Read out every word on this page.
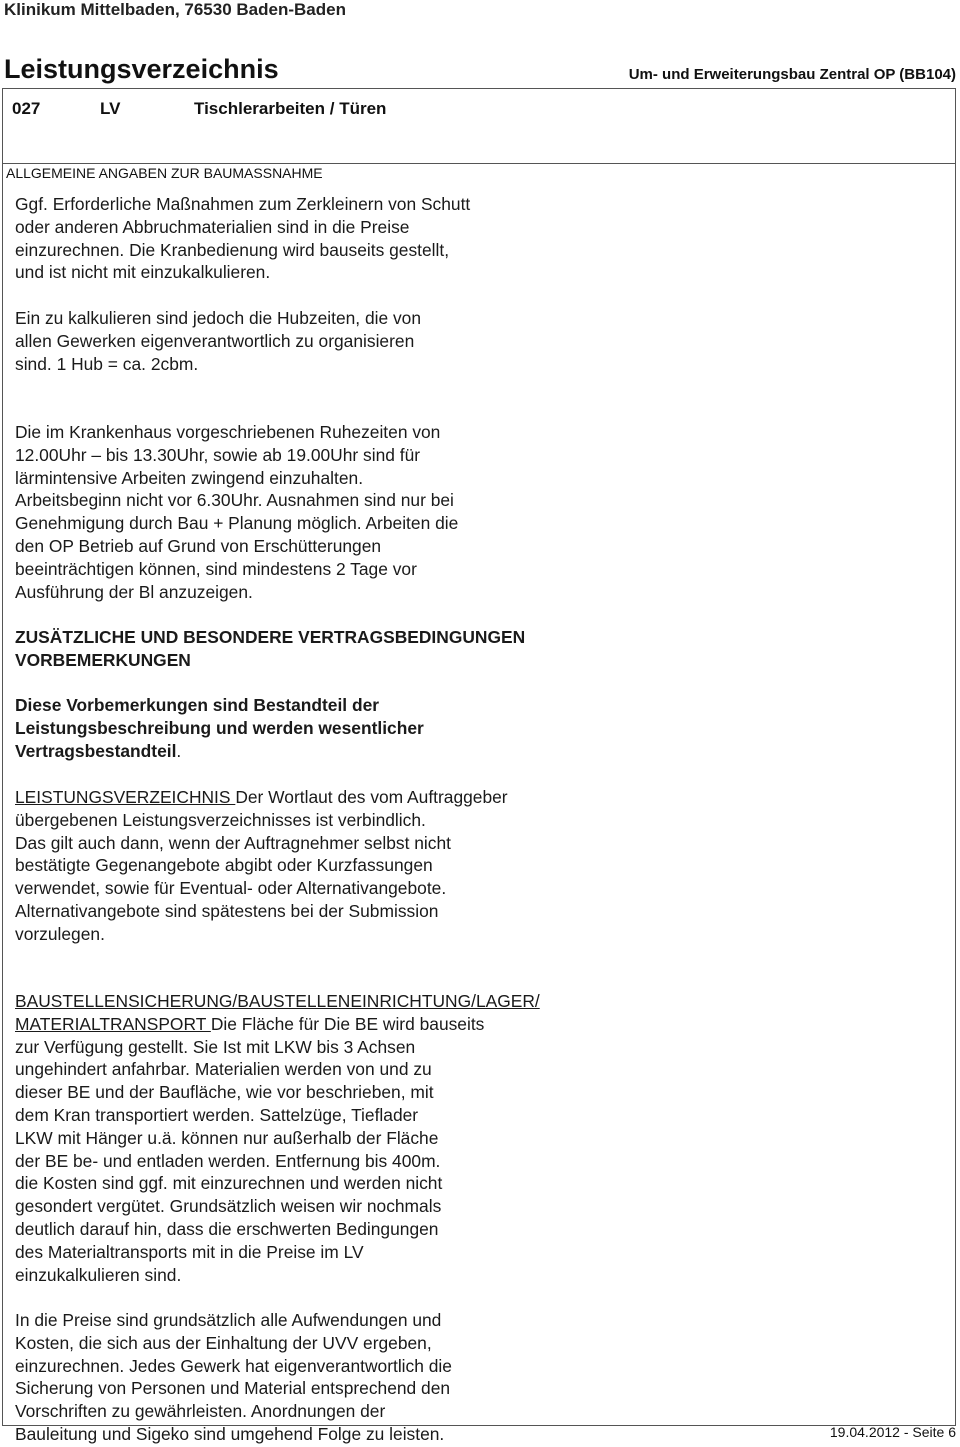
Klinikum Mittelbaden, 76530 Baden-Baden
Leistungsverzeichnis	Um- und Erweiterungsbau Zentral OP (BB104)
027	LV	Tischlerarbeiten / Türen
ALLGEMEINE ANGABEN ZUR BAUMASSNAHME

Ggf. Erforderliche Maßnahmen zum Zerkleinern von Schutt

oder anderen Abbruchmaterialien sind in die Preise

einzurechnen. Die Kranbedienung wird bauseits gestellt,

und ist nicht mit einzukalkulieren.

Ein zu kalkulieren sind jedoch die Hubzeiten, die von

allen Gewerken eigenverantwortlich zu organisieren

sind. 1 Hub = ca. 2cbm.

Die im Krankenhaus vorgeschriebenen Ruhezeiten von

12.00Uhr – bis 13.30Uhr, sowie ab 19.00Uhr sind für

lärmintensive Arbeiten zwingend einzuhalten.

Arbeitsbeginn nicht vor 6.30Uhr. Ausnahmen sind nur bei

Genehmigung durch Bau + Planung möglich. Arbeiten die

den OP Betrieb auf Grund von Erschütterungen

beeinträchtigen können, sind mindestens 2 Tage vor

Ausführung der Bl anzuzeigen.

ZUSÄTZLICHE UND BESONDERE VERTRAGSBEDINGUNGEN

VORBEMERKUNGEN

Diese Vorbemerkungen sind Bestandteil der

Leistungsbeschreibung und werden wesentlicher

Vertragsbestandteil.

LEISTUNGSVERZEICHNIS Der Wortlaut des vom Auftraggeber

übergebenen Leistungsverzeichnisses ist verbindlich.

Das gilt auch dann, wenn der Auftragnehmer selbst nicht

bestätigte Gegenangebote abgibt oder Kurzfassungen

verwendet, sowie für Eventual- oder Alternativangebote.

Alternativangebote sind spätestens bei der Submission

vorzulegen.

BAUSTELLENSICHERUNG/BAUSTELLENEINRICHTUNG/LAGER/

MATERIALTRANSPORT Die Fläche für Die BE wird bauseits

zur Verfügung gestellt. Sie Ist mit LKW bis 3 Achsen

ungehindert anfahrbar. Materialien werden von und zu

dieser BE und der Baufläche, wie vor beschrieben, mit

dem Kran transportiert werden. Sattelzüge, Tieflader

LKW mit Hänger u.ä. können nur außerhalb der Fläche

der BE be- und entladen werden. Entfernung bis 400m.

die Kosten sind ggf. mit einzurechnen und werden nicht

gesondert vergütet. Grundsätzlich weisen wir nochmals

deutlich darauf hin, dass die erschwerten Bedingungen

des Materialtransports mit in die Preise im LV

einzukalkulieren sind.

In die Preise sind grundsätzlich alle Aufwendungen und

Kosten, die sich aus der Einhaltung der UVV ergeben,

einzurechnen. Jedes Gewerk hat eigenverantwortlich die

Sicherung von Personen und Material entsprechend den

Vorschriften zu gewährleisten. Anordnungen der

Bauleitung und Sigeko sind umgehend Folge zu leisten.	19.04.2012 - Seite 6
